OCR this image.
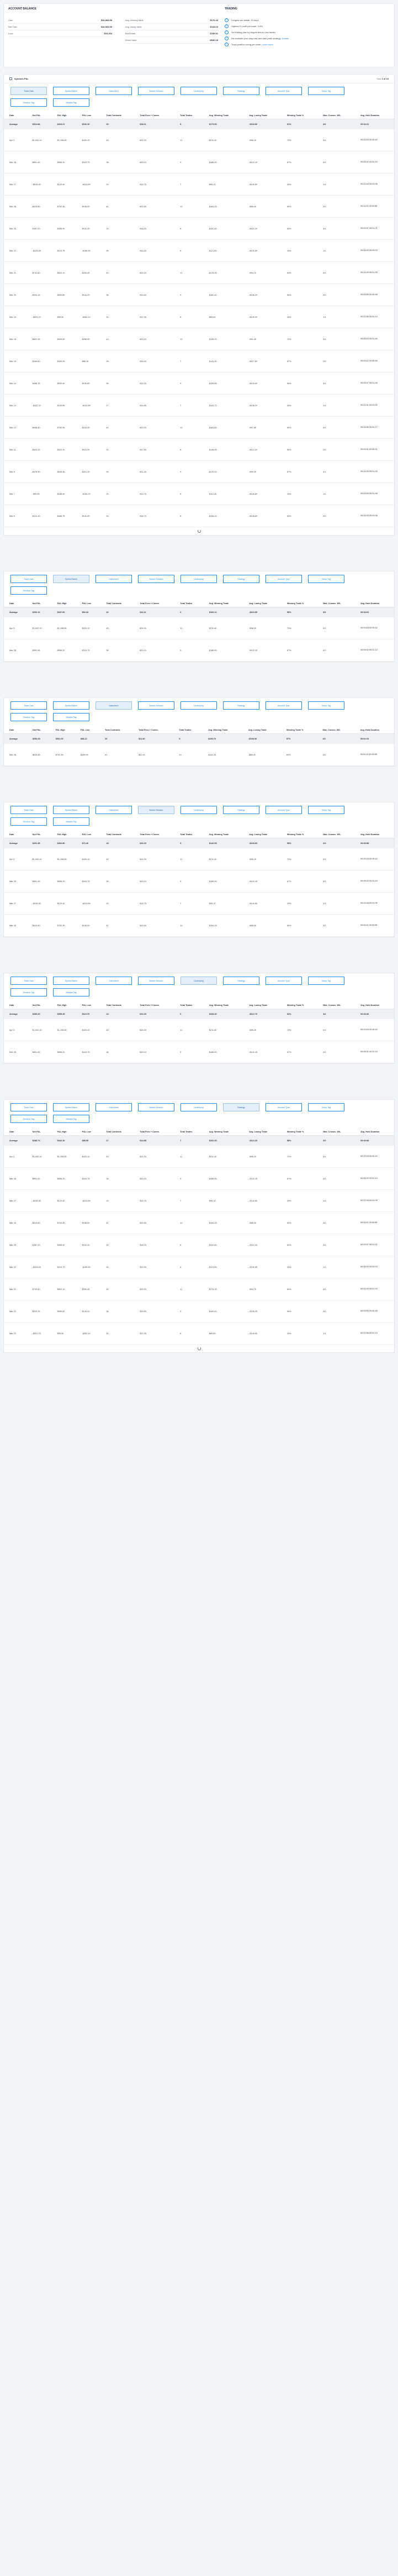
ACCOUNT BALANCE
Gain	$34,968.99
Net Gain	$34,968.99
Loss	$15,333
Avg. winning trade	$170.44
Avg. losing trade	-$115.19
Best trade	$789.51
Worst trade	-$540.18
TRADING
✓	Longest win streak: 10 days
✓	Highest % profit per trade: 3.3%
✓	Set trading plan by targets before new trades
✓	Re-evaluate your stop-loss and take-profit strategy Details
✓	Track position sizing per trade Learn more
Symbols P&L	Total 1 of 19
Trade Date	Symbol Name	Instrument	Market Session	Underlying	Strategy	Account Type	Setup Tag
Emotion Tag	Mistake Tag
Date	Net P&L	P&L High	P&L Low	Total Contracts	Total Fees + Comm.	Total Trades	Avg. Winning Trade	Avg. Losing Trade	Winning Trade %	Max. Consec. W/L	Avg. Hold Duration
Average	$312.88	$416.21	$192.10	33	$18.11	8	$173.55	-$118.90	61%	4/2	00:04:21
Apr 3	$1,042.10	$1,198.55	$420.10	45	$24.30	11	$211.40	-$96.20	73%	5/1	00:03:18 00:00:42
Mar 28	$891.45	$956.20	$315.75	38	$20.10	9	$188.90	-$102.15	67%	4/2	00:05:02 00:01:10
Mar 27	-$245.30	$120.40	-$310.65	29	$15.75	7	$95.10	-$142.80	29%	1/3	00:02:44 00:01:05
Mar 26	$615.80	$702.35	$198.00	41	$22.60	10	$164.25	-$88.40	60%	3/2	00:04:11 00:00:55
Mar 25	$387.20	$455.90	$102.40	33	$18.15	8	$152.60	-$110.30	63%	3/1	00:03:37 00:01:21
Mar 22	-$128.45	$210.75	-$199.30	26	$14.30	6	$121.80	-$131.55	33%	1/2	00:06:20 00:02:03
Mar 21	$742.60	$810.10	$260.45	44	$24.20	11	$178.35	-$94.70	64%	4/2	00:04:49 00:01:33
Mar 20	$510.15	$590.80	$144.20	36	$19.80	9	$160.40	-$106.25	56%	3/2	00:03:55 00:00:48
Mar 19	-$301.70	$95.30	-$362.10	31	$17.05	8	$89.60	-$149.90	25%	1/4	00:02:58 00:01:14
Mar 18	$822.35	$905.60	$288.90	42	$23.10	10	$196.20	-$91.45	70%	5/1	00:05:15 00:01:40
Mar 15	$264.90	$340.25	$88.15	28	$15.40	7	$141.30	-$117.60	57%	2/2	00:03:22 00:00:59
Mar 14	$456.75	$530.40	$130.60	35	$19.25	9	$155.85	-$103.40	56%	3/1	00:04:07 00:01:26
Mar 13	-$187.20	$140.85	-$240.55	27	$14.85	7	$104.70	-$138.20	29%	1/3	00:02:31 00:01:02
Mar 12	$698.40	$760.95	$244.30	40	$22.00	10	$181.60	-$97.85	60%	4/2	00:04:58 00:01:17
Mar 11	$343.15	$410.20	$115.75	32	$17.60	8	$148.95	-$112.40	50%	2/2	00:03:41 00:00:51
Mar 8	$578.90	$645.35	$201.10	39	$21.45	9	$170.20	-$99.30	67%	4/1	00:04:26 00:01:29
Mar 7	-$96.55	$188.40	-$154.20	25	$13.75	6	$112.45	-$126.80	33%	1/2	00:03:09 00:01:48
Mar 6	$412.30	$488.75	$140.90	34	$18.70	8	$158.10	-$108.65	63%	3/2	00:04:33 00:01:06
Trade Date	Symbol Name	Instrument	Market Session	Underlying	Strategy	Account Type	Setup Tag
Emotion Tag
Date	Net P&L	P&L High	P&L Low	Total Contracts	Total Fees + Comm.	Total Trades	Avg. Winning Trade	Avg. Losing Trade	Winning Trade %	Max. Consec. W/L	Avg. Hold Duration
Average	$292.14	$347.00	$92.43	22	$12.11	6	$160.12	-$110.05	59%	3/2	00:04:02
Apr 3	$1,042.10	$1,198.55	$420.10	45	$24.30	11	$211.40	-$96.20	73%	5/1	00:03:18 00:00:42
Mar 28	$891.45	$956.20	$315.75	38	$20.10	9	$188.90	-$102.15	67%	4/2	00:05:02 00:01:10
Trade Date	Symbol Name	Instrument	Market Session	Underlying	Strategy	Account Type	Setup Tag
Emotion Tag	Mistake Tag
Date	Net P&L	P&L High	P&L Low	Total Contracts	Total Fees + Comm.	Total Trades	Avg. Winning Trade	Avg. Losing Trade	Winning Trade %	Max. Consec. W/L	Avg. Hold Duration
Average	$254.60	$301.25	$88.12	20	$11.40	5	$150.70	-$108.30	57%	3/2	00:04:15
Mar 26	$615.80	$702.35	$198.00	41	$22.60	10	$164.25	-$88.40	60%	3/2	00:04:11 00:00:55
Trade Date	Symbol Name	Instrument	Market Session	Underlying	Strategy	Account Type	Setup Tag
Emotion Tag	Mistake Tag
Date	Net P&L	P&L High	P&L Low	Total Contracts	Total Fees + Comm.	Total Trades	Avg. Winning Trade	Avg. Losing Trade	Winning Trade %	Max. Consec. W/L	Avg. Hold Duration
Average	$201.35	$262.80	$71.40	18	$10.15	5	$142.95	-$104.60	55%	2/2	00:03:58
Apr 3	$1,042.10	$1,198.55	$420.10	45	$24.30	11	$211.40	-$96.20	73%	5/1	00:03:18 00:00:42
Mar 28	$891.45	$956.20	$315.75	38	$20.10	9	$188.90	-$102.15	67%	4/2	00:05:02 00:01:10
Mar 27	-$245.30	$120.40	-$310.65	29	$15.75	7	$95.10	-$142.80	29%	1/3	00:02:44 00:01:05
Mar 26	$615.80	$702.35	$198.00	41	$22.60	10	$164.25	-$88.40	60%	3/2	00:04:11 00:00:55
Trade Date	Symbol Name	Instrument	Market Session	Underlying	Strategy	Account Type	Setup Tag
Emotion Tag	Mistake Tag
Date	Net P&L	P&L High	P&L Low	Total Contracts	Total Fees + Comm.	Total Trades	Avg. Winning Trade	Avg. Losing Trade	Winning Trade %	Max. Consec. W/L	Avg. Hold Duration
Average	$330.20	$395.45	$110.75	24	$13.20	6	$168.40	-$112.75	62%	4/2	00:04:30
Apr 3	$1,042.10	$1,198.55	$420.10	45	$24.30	11	$211.40	-$96.20	73%	5/1	00:03:18 00:00:42
Mar 28	$891.45	$956.20	$315.75	38	$20.10	9	$188.90	-$102.15	67%	4/2	00:05:02 00:01:10
Trade Date	Symbol Name	Instrument	Market Session	Underlying	Strategy	Account Type	Setup Tag
Emotion Tag	Mistake Tag
Date	Net P&L	P&L High	P&L Low	Total Contracts	Total Fees + Comm.	Total Trades	Avg. Winning Trade	Avg. Losing Trade	Winning Trade %	Max. Consec. W/L	Avg. Hold Duration
Average	$288.74	$342.10	$96.55	27	$14.85	7	$162.30	-$114.20	58%	3/2	00:04:08
Apr 3	$1,042.10	$1,198.55	$420.10	45	$24.30	11	$211.40	-$96.20	73%	5/1	00:03:18 00:00:42
Mar 28	$891.45	$956.20	$315.75	38	$20.10	9	$188.90	-$102.15	67%	4/2	00:05:02 00:01:10
Mar 27	-$245.30	$120.40	-$310.65	29	$15.75	7	$95.10	-$142.80	29%	1/3	00:02:44 00:01:05
Mar 26	$615.80	$702.35	$198.00	41	$22.60	10	$164.25	-$88.40	60%	3/2	00:04:11 00:00:55
Mar 25	$387.20	$455.90	$102.40	33	$18.15	8	$152.60	-$110.30	63%	3/1	00:03:37 00:01:21
Mar 22	-$128.45	$210.75	-$199.30	26	$14.30	6	$121.80	-$131.55	33%	1/2	00:06:20 00:02:03
Mar 21	$742.60	$810.10	$260.45	44	$24.20	11	$178.35	-$94.70	64%	4/2	00:04:49 00:01:33
Mar 20	$510.15	$590.80	$144.20	36	$19.80	9	$160.40	-$106.25	56%	3/2	00:03:55 00:00:48
Mar 19	-$301.70	$95.30	-$362.10	31	$17.05	8	$89.60	-$149.90	25%	1/4	00:02:58 00:01:14
